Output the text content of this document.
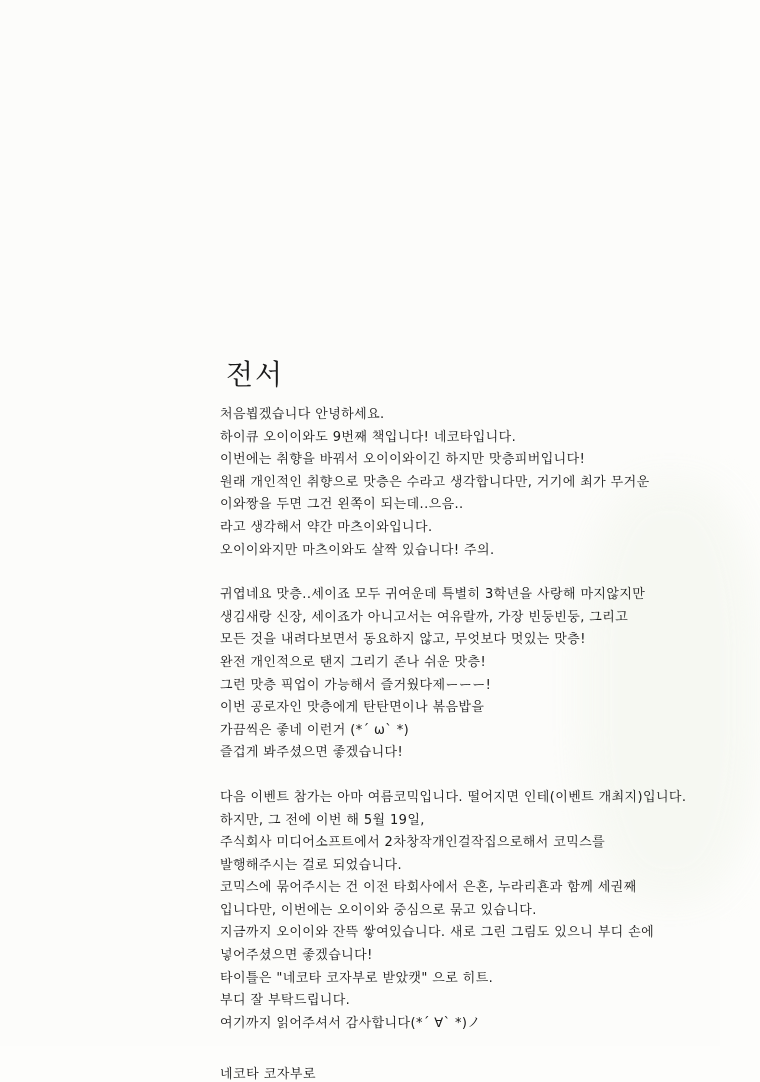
전서
처음뵙겠습니다 안녕하세요.
하이큐 오이이와도 9번째 책입니다! 네코타입니다.
이번에는 취향을 바꿔서 오이이와이긴 하지만 맛층피버입니다!
원래 개인적인 취향으로 맛층은 수라고 생각합니다만, 거기에 최가 무거운
이와짱을 두면 그건 왼쪽이 되는데..으음..
라고 생각해서 약간 마츠이와입니다.
오이이와지만 마츠이와도 살짝 있습니다! 주의.
귀엽네요 맛층..세이죠 모두 귀여운데 특별히 3학년을 사랑해 마지않지만
생김새랑 신장, 세이죠가 아니고서는 여유랄까, 가장 빈둥빈둥, 그리고
모든 것을 내려다보면서 동요하지 않고, 무엇보다 멋있는 맛층!
완전 개인적으로 탠지 그리기 존나 쉬운 맛층!
그런 맛층 픽업이 가능해서 즐거웠다제ーーー!
이번 공로자인 맛층에게 탄탄면이나 볶음밥을
가끔씩은 좋네 이런거 (*´ ω` *)
즐겁게 봐주셨으면 좋겠습니다!
다음 이벤트 참가는 아마 여름코믹입니다. 떨어지면 인테(이벤트 개최지)입니다.
하지만, 그 전에 이번 해 5월 19일,
주식회사 미디어소프트에서 2차창작개인걸작집으로해서 코믹스를
발행해주시는 걸로 되었습니다.
코믹스에 묶어주시는 건 이전 타회사에서 은혼, 누라리횬과 함께 세권째
입니다만, 이번에는 오이이와 중심으로 묶고 있습니다.
지금까지 오이이와 잔뜩 쌓여있습니다. 새로 그린 그림도 있으니 부디 손에
넣어주셨으면 좋겠습니다!
타이틀은 "네코타 코자부로 받았캣" 으로 히트.
부디 잘 부탁드립니다.
여기까지 읽어주셔서 감사합니다(*´ ∀` *)ノ
네코타 코자부로
